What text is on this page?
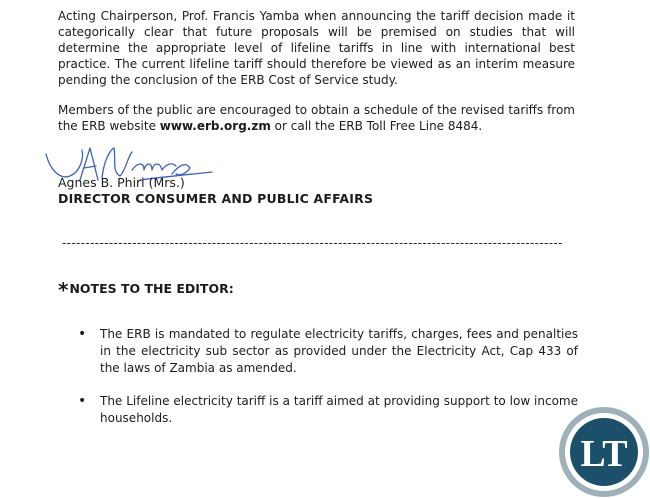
Acting Chairperson, Prof. Francis Yamba when announcing the tariff decision made it categorically clear that future proposals will be premised on studies that will determine the appropriate level of lifeline tariffs in line with international best practice. The current lifeline tariff should therefore be viewed as an interim measure pending the conclusion of the ERB Cost of Service study.

Members of the public are encouraged to obtain a schedule of the revised tariffs from the ERB website www.erb.org.zm or call the ERB Toll Free Line 8484.

Agnes B. Phiri (Mrs.)

DIRECTOR CONSUMER AND PUBLIC AFFAIRS

-----------------------------------------------------------------------------------------------------------

*NOTES TO THE EDITOR:

• The ERB is mandated to regulate electricity tariffs, charges, fees and penalties in the electricity sub sector as provided under the Electricity Act, Cap 433 of the laws of Zambia as amended.
• The Lifeline electricity tariff is a tariff aimed at providing support to low income households.
LT
